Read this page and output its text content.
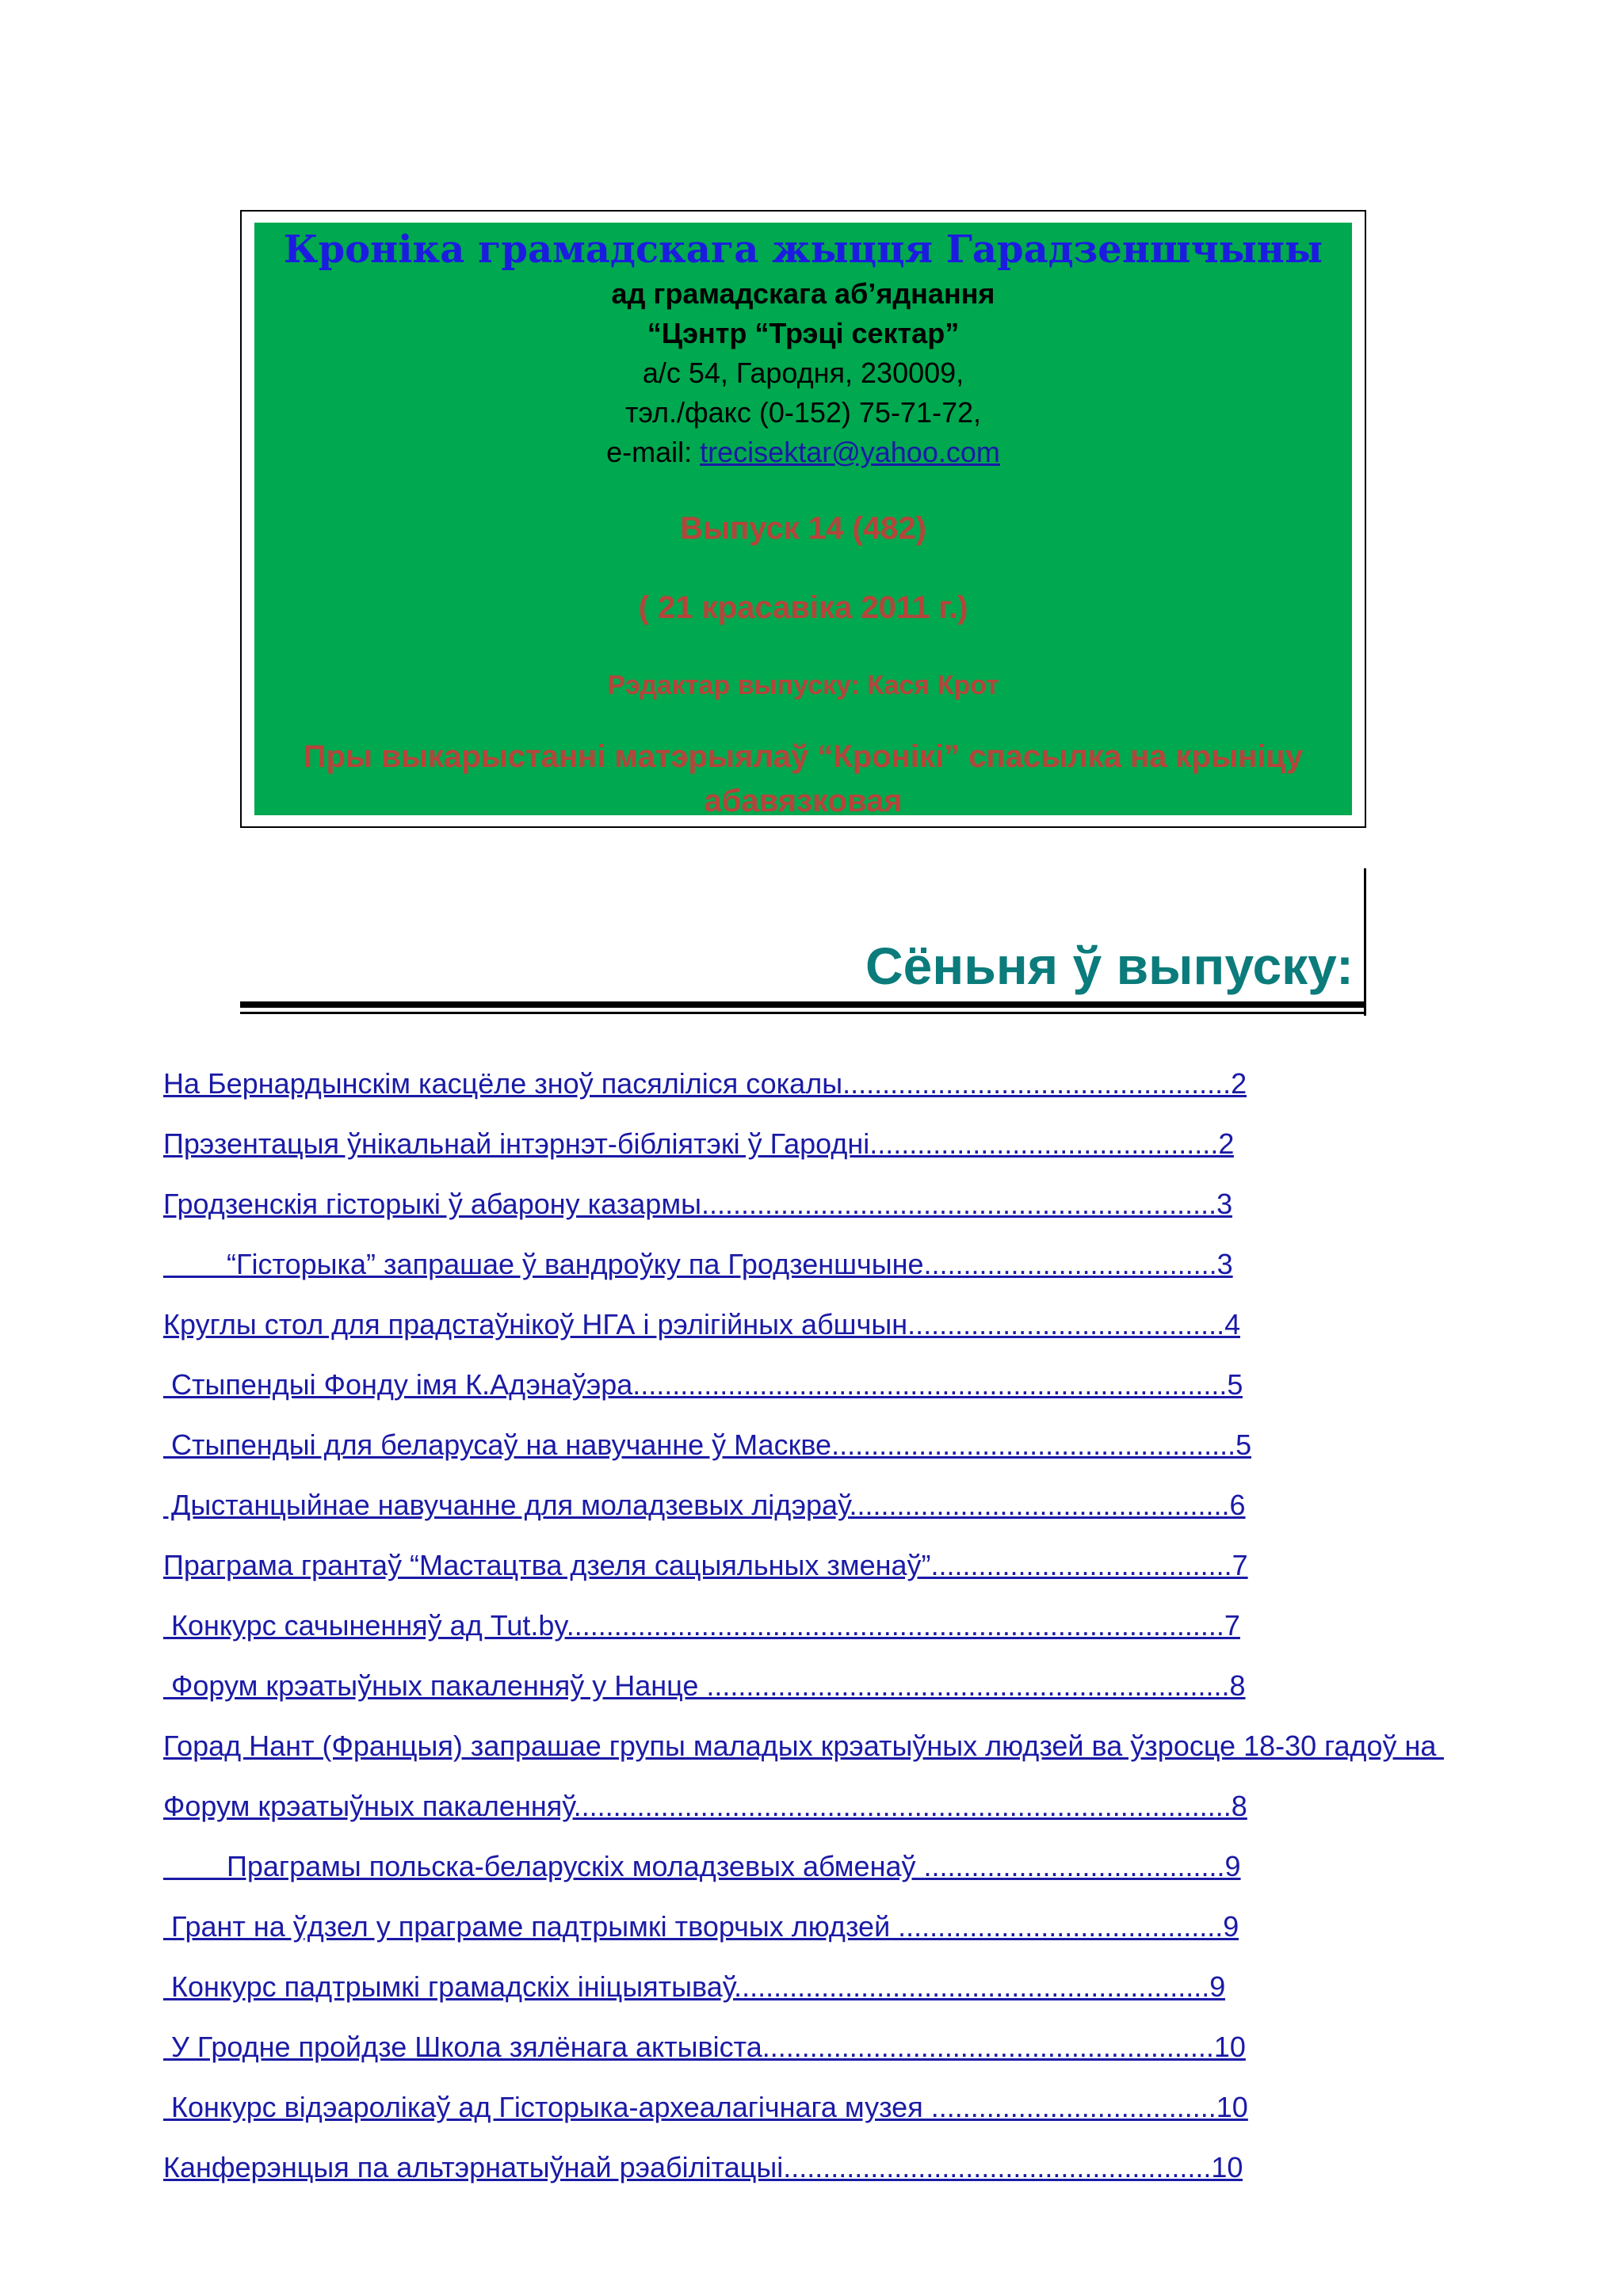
Кроніка грамадскага жыцця Гарадзеншчыны
ад грамадскага аб’яднання
“Цэнтр “Трэці сектар”
а/с 54, Гародня, 230009,
тэл./факс (0-152) 75-71-72,
e-mail: trecisektar@yahoo.com
Выпуск 14 (482)
( 21 красавіка 2011 г.)
Рэдактар выпуску: Кася Крот
Пры выкарыстанні матэрыялаў “Кронікі” спасылка на крыніцу
абавязковая
Сёньня ў выпуску:
На Бернардынскім касцёле зноў пасяліліся сокалы.................................................2
Прэзентацыя ўнікальнай інтэрнэт-бібліятэкі ў Гародні............................................2
Гродзенскія гісторыкі ў абарону казармы.................................................................3
“Гісторыка” запрашае ў вандроўку па Гродзеншчыне.....................................3
Круглы стол для прадстаўнікоў НГА і рэлігійных абшчын........................................4
Стыпендыі Фонду імя К.Адэнаўэра...........................................................................5
Стыпендыі для беларусаў на навучанне ў Маскве...................................................5
Дыстанцыйнае навучанне для моладзевых лідэраў................................................6
Праграма грантаў “Мастацтва дзеля сацыяльных зменаў”......................................7
Конкурс сачыненняў ад Tut.by...................................................................................7
Форум крэатыўных пакаленняў у Нанце ..................................................................8
Горад Нант (Францыя) запрашае групы маладых крэатыўных людзей ва ўзросце 18-30 гадоў на
Форум крэатыўных пакаленняў...................................................................................8
Праграмы польска-беларускіх моладзевых абменаў ......................................9
Грант на ўдзел у праграме падтрымкі творчых людзей .........................................9
Конкурс падтрымкі грамадскіх ініцыятываў............................................................9
У Гродне пройдзе Школа зялёнага актывіста.........................................................10
Конкурс відэаролікаў ад Гісторыка-археалагічнага музея ....................................10
Канферэнцыя па альтэрнатыўнай рэабілітацыі......................................................10
